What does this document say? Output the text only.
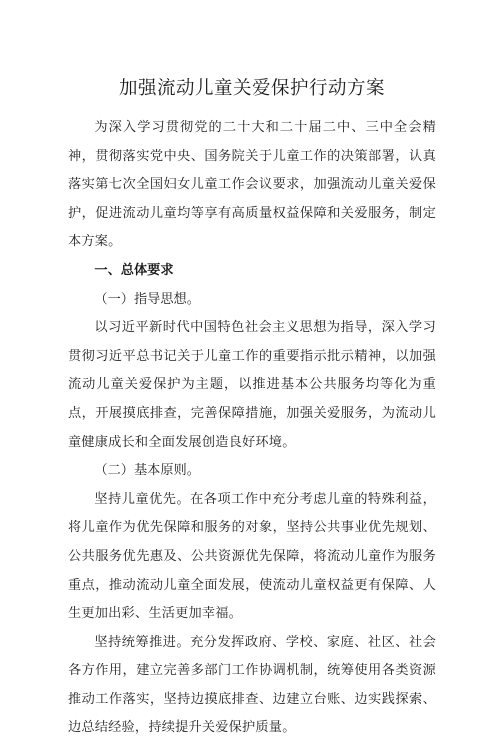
加强流动儿童关爱保护行动方案

为深入学习贯彻党的二十大和二十届二中、三中全会精神，贯彻落实党中央、国务院关于儿童工作的决策部署，认真落实第七次全国妇女儿童工作会议要求，加强流动儿童关爱保护，促进流动儿童均等享有高质量权益保障和关爱服务，制定本方案。

一、总体要求

（一）指导思想。

以习近平新时代中国特色社会主义思想为指导，深入学习贯彻习近平总书记关于儿童工作的重要指示批示精神，以加强流动儿童关爱保护为主题，以推进基本公共服务均等化为重点，开展摸底排查，完善保障措施，加强关爱服务，为流动儿童健康成长和全面发展创造良好环境。

（二）基本原则。

坚持儿童优先。在各项工作中充分考虑儿童的特殊利益，将儿童作为优先保障和服务的对象，坚持公共事业优先规划、公共服务优先惠及、公共资源优先保障，将流动儿童作为服务重点，推动流动儿童全面发展，使流动儿童权益更有保障、人生更加出彩、生活更加幸福。

坚持统筹推进。充分发挥政府、学校、家庭、社区、社会各方作用，建立完善多部门工作协调机制，统筹使用各类资源推动工作落实，坚持边摸底排查、边建立台账、边实践探索、边总结经验，持续提升关爱保护质量。
